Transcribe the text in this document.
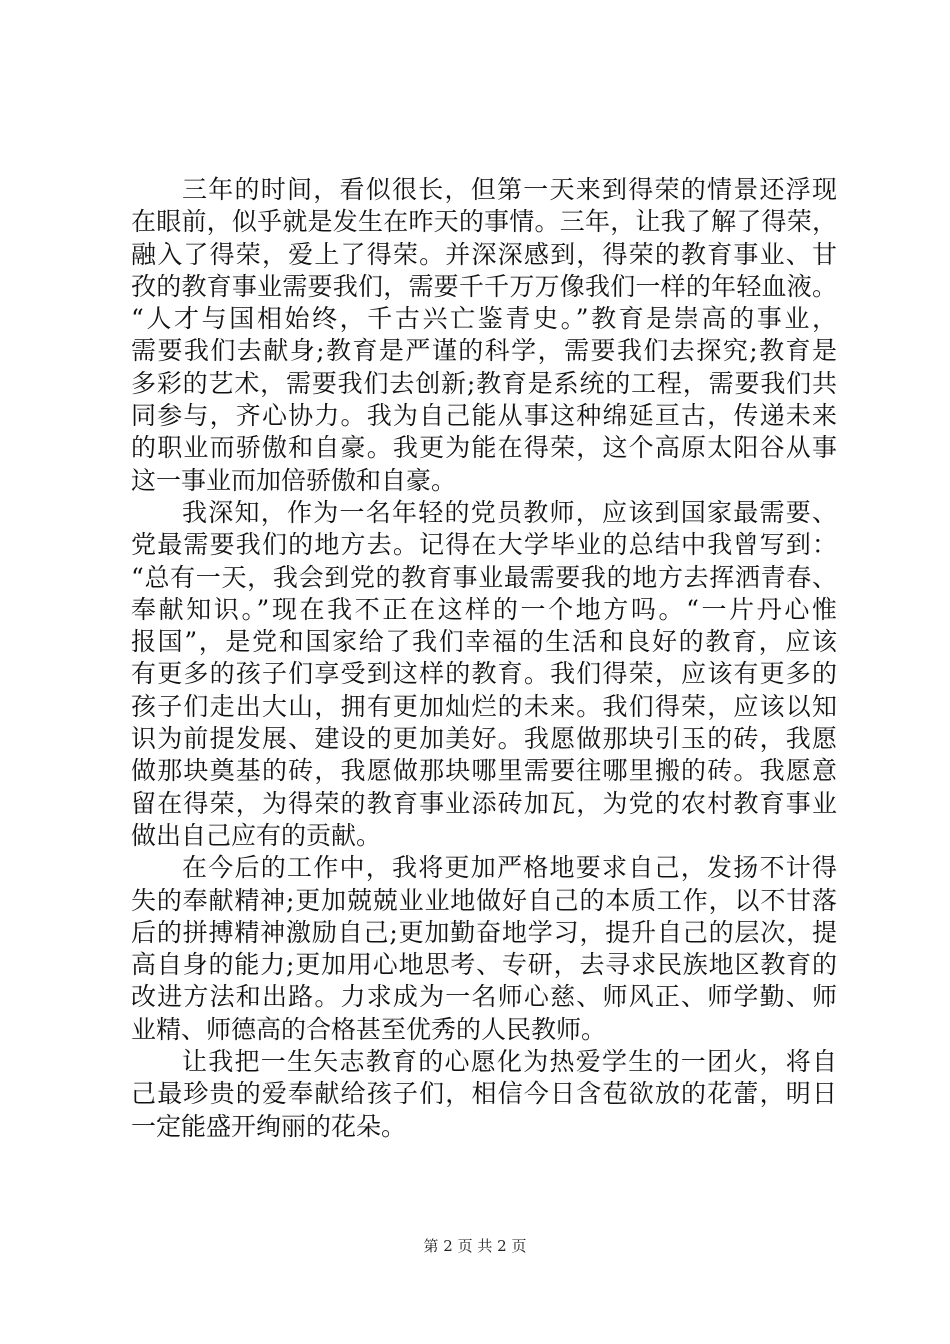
三年的时间，看似很长，但第一天来到得荣的情景还浮现
在眼前，似乎就是发生在昨天的事情。三年，让我了解了得荣，
融入了得荣，爱上了得荣。并深深感到，得荣的教育事业、甘
孜的教育事业需要我们，需要千千万万像我们一样的年轻血液。
“人才与国相始终，千古兴亡鉴青史。”教育是崇高的事业，
需要我们去献身;教育是严谨的科学，需要我们去探究;教育是
多彩的艺术，需要我们去创新;教育是系统的工程，需要我们共
同参与，齐心协力。我为自己能从事这种绵延亘古，传递未来
的职业而骄傲和自豪。我更为能在得荣，这个高原太阳谷从事
这一事业而加倍骄傲和自豪。
我深知，作为一名年轻的党员教师，应该到国家最需要、
党最需要我们的地方去。记得在大学毕业的总结中我曾写到：
“总有一天，我会到党的教育事业最需要我的地方去挥洒青春、
奉献知识。”现在我不正在这样的一个地方吗。“一片丹心惟
报国”，是党和国家给了我们幸福的生活和良好的教育，应该
有更多的孩子们享受到这样的教育。我们得荣，应该有更多的
孩子们走出大山，拥有更加灿烂的未来。我们得荣，应该以知
识为前提发展、建设的更加美好。我愿做那块引玉的砖，我愿
做那块奠基的砖，我愿做那块哪里需要往哪里搬的砖。我愿意
留在得荣，为得荣的教育事业添砖加瓦，为党的农村教育事业
做出自己应有的贡献。
在今后的工作中，我将更加严格地要求自己，发扬不计得
失的奉献精神;更加兢兢业业地做好自己的本质工作，以不甘落
后的拼搏精神激励自己;更加勤奋地学习，提升自己的层次，提
高自身的能力;更加用心地思考、专研，去寻求民族地区教育的
改进方法和出路。力求成为一名师心慈、师风正、师学勤、师
业精、师德高的合格甚至优秀的人民教师。
让我把一生矢志教育的心愿化为热爱学生的一团火，将自
己最珍贵的爱奉献给孩子们，相信今日含苞欲放的花蕾，明日
一定能盛开绚丽的花朵。
第 2 页 共 2 页
